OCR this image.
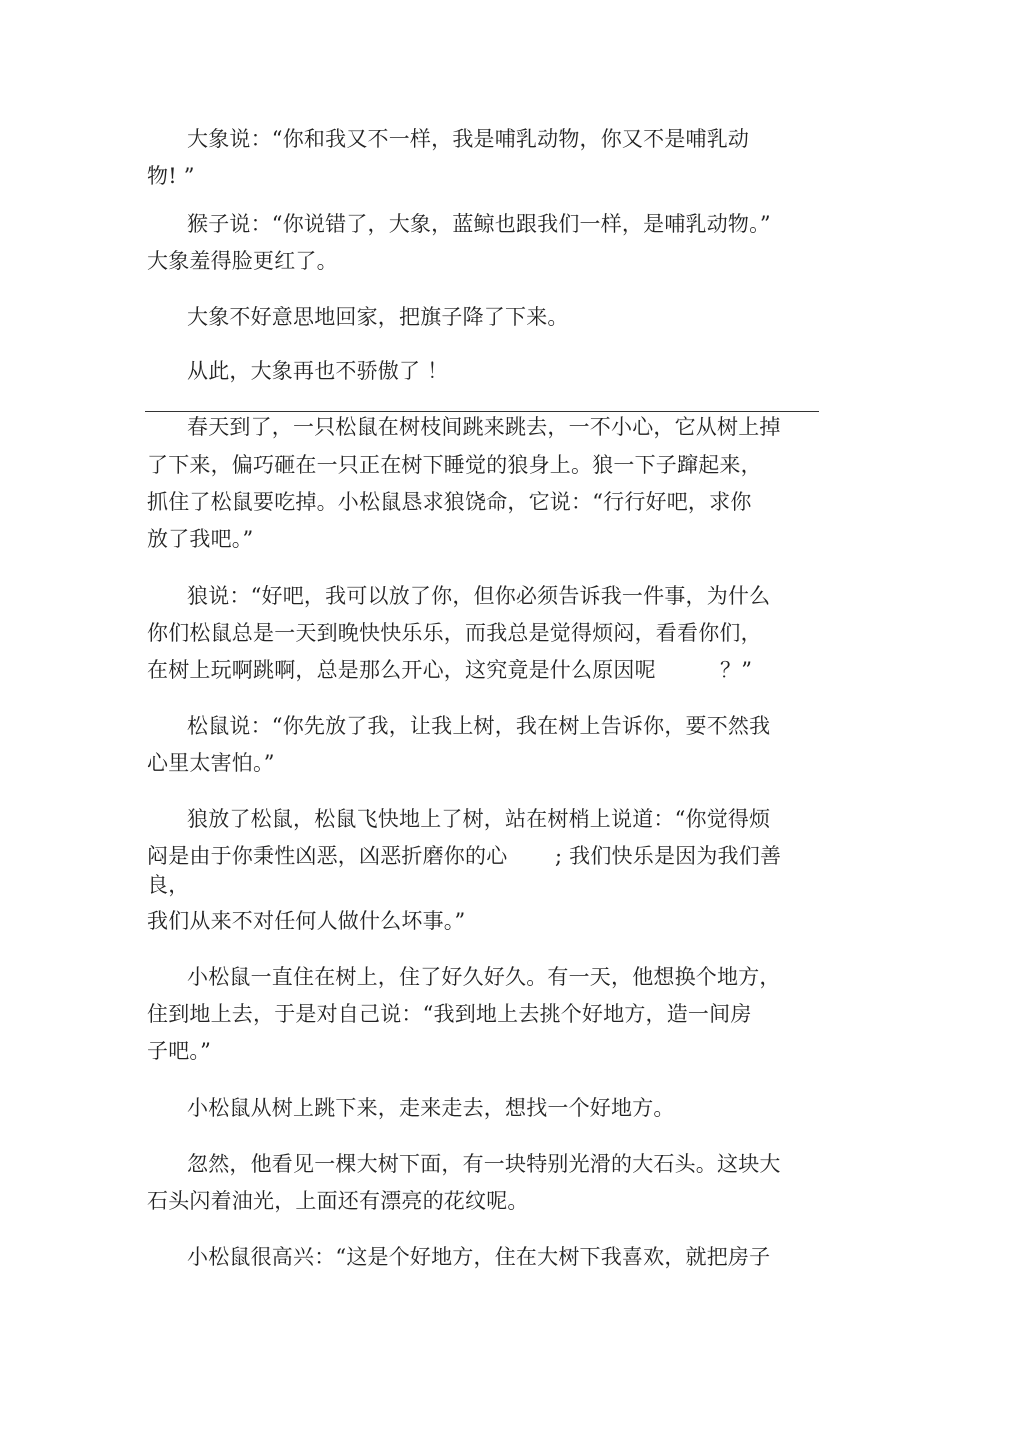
大象说：“你和我又不一样，我是哺乳动物，你又不是哺乳动
物! ”
猴子说：“你说错了，大象，蓝鲸也跟我们一样，是哺乳动物。”
大象羞得脸更红了。
大象不好意思地回家，把旗子降了下来。
从此，大象再也不骄傲了 ！
春天到了，一只松鼠在树枝间跳来跳去，一不小心，它从树上掉
了下来，偏巧砸在一只正在树下睡觉的狼身上。狼一下子蹿起来，
抓住了松鼠要吃掉。小松鼠恳求狼饶命，它说：“行行好吧，求你
放了我吧。”
狼说：“好吧，我可以放了你，但你必须告诉我一件事，为什么
你们松鼠总是一天到晚快快乐乐，而我总是觉得烦闷，看看你们，
在树上玩啊跳啊，总是那么开心，这究竟是什么原因呢	？”
松鼠说：“你先放了我，让我上树，我在树上告诉你，要不然我
心里太害怕。”
狼放了松鼠，松鼠飞快地上了树，站在树梢上说道：“你觉得烦
闷是由于你秉性凶恶，凶恶折磨你的心 ; 我们快乐是因为我们善
良，
我们从来不对任何人做什么坏事。”
小松鼠一直住在树上，住了好久好久。有一天，他想换个地方，
住到地上去，于是对自己说：“我到地上去挑个好地方，造一间房
子吧。”
小松鼠从树上跳下来，走来走去，想找一个好地方。
忽然，他看见一棵大树下面，有一块特别光滑的大石头。这块大
石头闪着油光，上面还有漂亮的花纹呢。
小松鼠很高兴：“这是个好地方，住在大树下我喜欢，就把房子
